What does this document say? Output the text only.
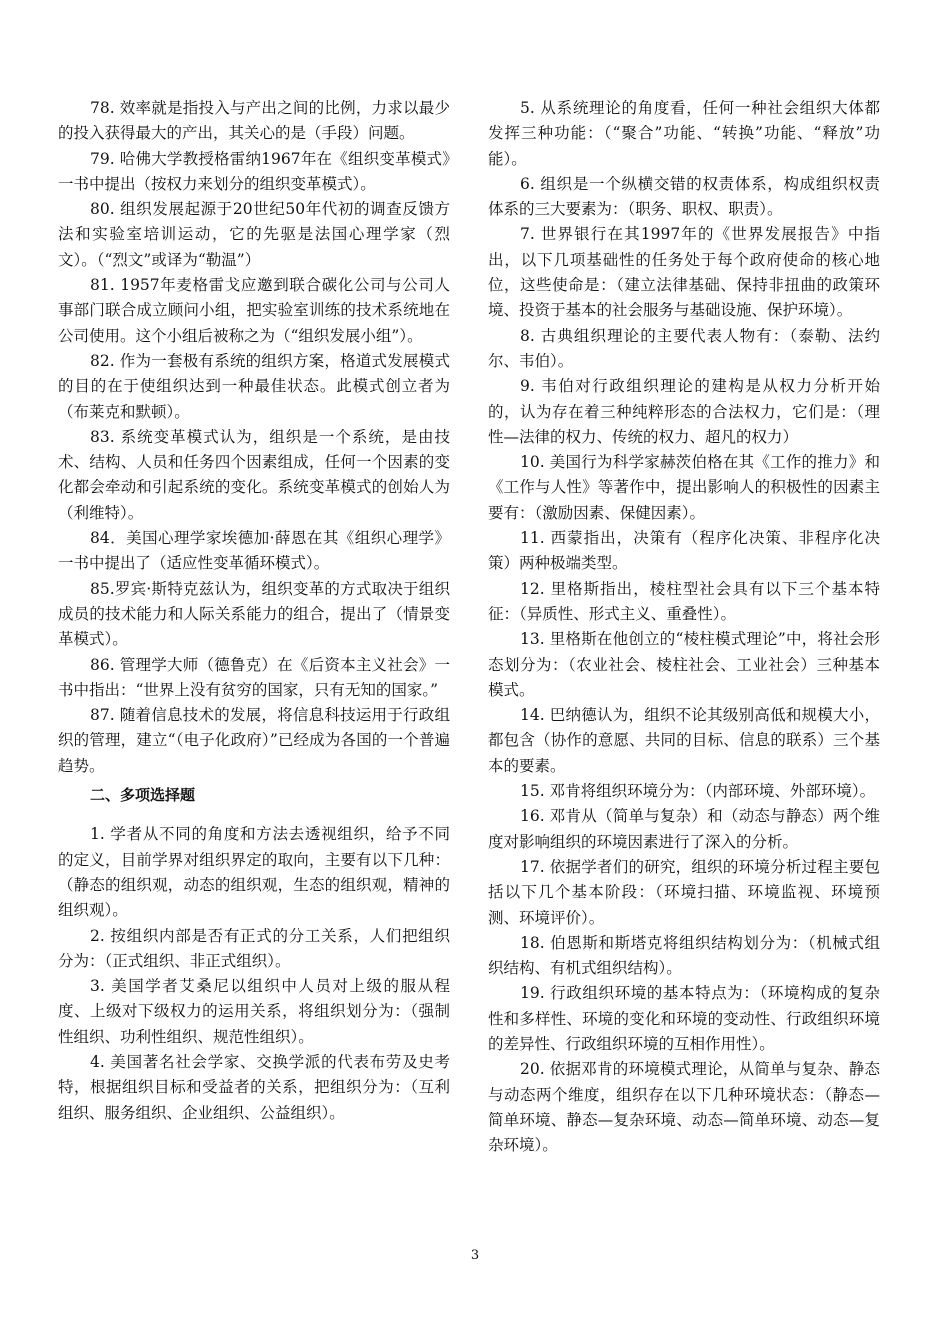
78. 效率就是指投入与产出之间的比例，力求以最少的投入获得最大的产出，其关心的是（手段）问题。

79. 哈佛大学教授格雷纳1967年在《组织变革模式》一书中提出（按权力来划分的组织变革模式）。

80. 组织发展起源于20世纪50年代初的调查反馈方法和实验室培训运动，它的先驱是法国心理学家（烈文）。（“烈文”或译为“勒温”）

81. 1957年麦格雷戈应邀到联合碳化公司与公司人事部门联合成立顾问小组，把实验室训练的技术系统地在公司使用。这个小组后被称之为（“组织发展小组”）。

82. 作为一套极有系统的组织方案，格道式发展模式的目的在于使组织达到一种最佳状态。此模式创立者为（布莱克和默顿）。

83. 系统变革模式认为，组织是一个系统，是由技术、结构、人员和任务四个因素组成，任何一个因素的变化都会牵动和引起系统的变化。系统变革模式的创始人为（利维特）。

84．美国心理学家埃德加·薛恩在其《组织心理学》一书中提出了（适应性变革循环模式）。

85.罗宾·斯特克兹认为，组织变革的方式取决于组织成员的技术能力和人际关系能力的组合，提出了（情景变革模式）。

86. 管理学大师（德鲁克）在《后资本主义社会》一书中指出：“世界上没有贫穷的国家，只有无知的国家。”

87. 随着信息技术的发展，将信息科技运用于行政组织的管理，建立“（电子化政府）”已经成为各国的一个普遍趋势。

二、多项选择题

1. 学者从不同的角度和方法去透视组织，给予不同的定义，目前学界对组织界定的取向，主要有以下几种：（静态的组织观，动态的组织观，生态的组织观，精神的组织观）。

2. 按组织内部是否有正式的分工关系，人们把组织分为：（正式组织、非正式组织）。

3. 美国学者艾桑尼以组织中人员对上级的服从程度、上级对下级权力的运用关系，将组织划分为：（强制性组织、功利性组织、规范性组织）。

4. 美国著名社会学家、交换学派的代表布劳及史考特，根据组织目标和受益者的关系，把组织分为：（互利组织、服务组织、企业组织、公益组织）。

5. 从系统理论的角度看，任何一种社会组织大体都发挥三种功能：（“聚合”功能、“转换”功能、“释放”功能）。

6. 组织是一个纵横交错的权责体系，构成组织权责体系的三大要素为：（职务、职权、职责）。

7. 世界银行在其1997年的《世界发展报告》中指出，以下几项基础性的任务处于每个政府使命的核心地位，这些使命是：（建立法律基础、保持非扭曲的政策环境、投资于基本的社会服务与基础设施、保护环境）。

8. 古典组织理论的主要代表人物有：（泰勒、法约尔、韦伯）。

9. 韦伯对行政组织理论的建构是从权力分析开始的，认为存在着三种纯粹形态的合法权力，它们是：（理性—法律的权力、传统的权力、超凡的权力）

10. 美国行为科学家赫茨伯格在其《工作的推力》和《工作与人性》等著作中，提出影响人的积极性的因素主要有：（激励因素、保健因素）。

11. 西蒙指出，决策有（程序化决策、非程序化决策）两种极端类型。

12. 里格斯指出，棱柱型社会具有以下三个基本特征：（异质性、形式主义、重叠性）。

13. 里格斯在他创立的“棱柱模式理论”中，将社会形态划分为：（农业社会、棱柱社会、工业社会）三种基本模式。

14. 巴纳德认为，组织不论其级别高低和规模大小，都包含（协作的意愿、共同的目标、信息的联系）三个基本的要素。

15. 邓肯将组织环境分为：（内部环境、外部环境）。

16. 邓肯从（简单与复杂）和（动态与静态）两个维度对影响组织的环境因素进行了深入的分析。

17. 依据学者们的研究，组织的环境分析过程主要包括以下几个基本阶段：（环境扫描、环境监视、环境预测、环境评价）。

18. 伯恩斯和斯塔克将组织结构划分为：（机械式组织结构、有机式组织结构）。

19. 行政组织环境的基本特点为：（环境构成的复杂性和多样性、环境的变化和环境的变动性、行政组织环境的差异性、行政组织环境的互相作用性）。

20. 依据邓肯的环境模式理论，从简单与复杂、静态与动态两个维度，组织存在以下几种环境状态：（静态—简单环境、静态—复杂环境、动态—简单环境、动态—复杂环境）。

3
